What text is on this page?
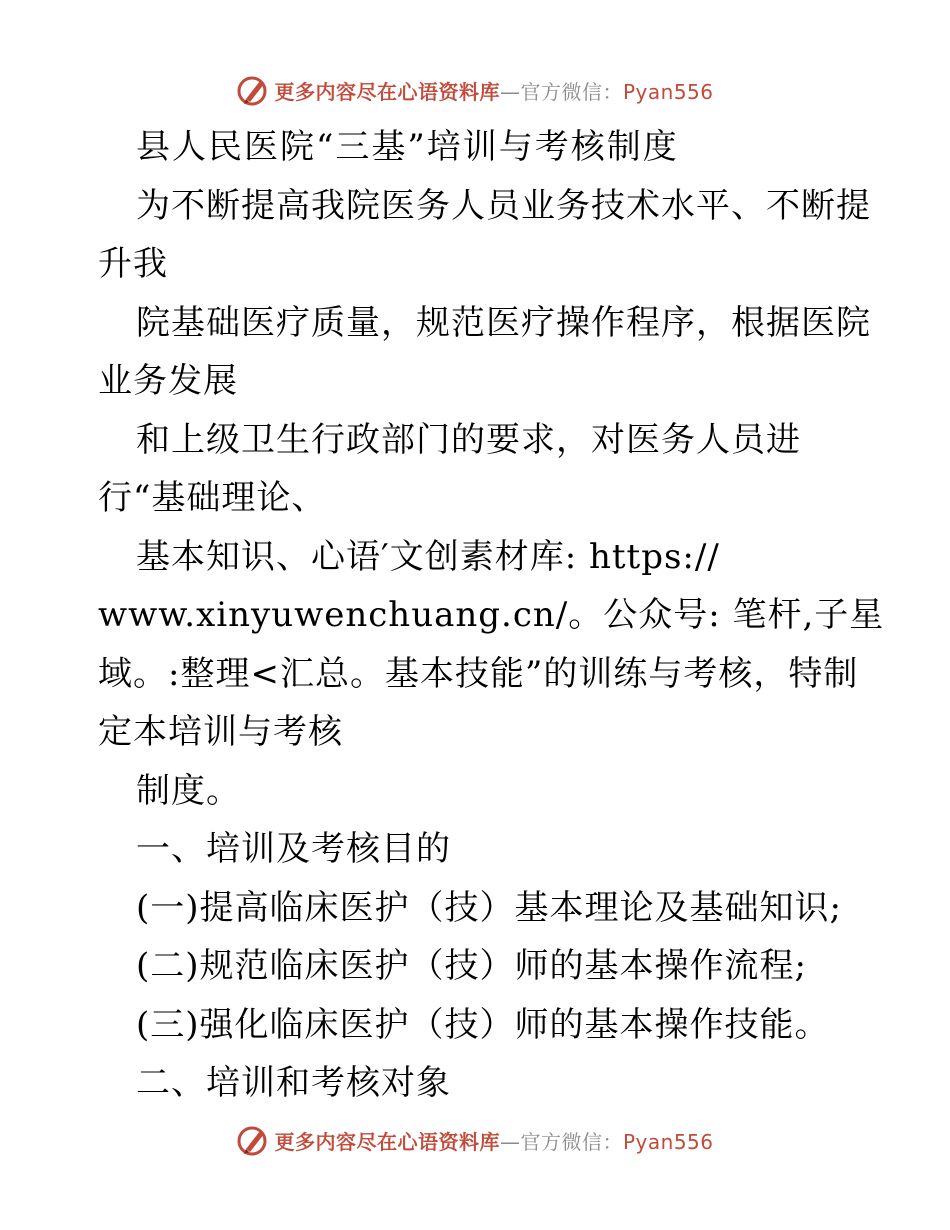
更多内容尽在心语资料库—官方微信：Pyan556
县人民医院“三基”培训与考核制度
为不断提高我院医务人员业务技术水平、不断提
升我
院基础医疗质量，规范医疗操作程序，根据医院
业务发展
和上级卫生行政部门的要求，对医务人员进
行“基础理论、
基本知识、心语′文创素材库: https://
www.xinyuwenchuang.cn/。公众号: 笔杆,子星
域。:整理<汇总。基本技能”的训练与考核，特制
定本培训与考核
制度。
一、培训及考核目的
(一)提高临床医护（技）基本理论及基础知识;
(二)规范临床医护（技）师的基本操作流程;
(三)强化临床医护（技）师的基本操作技能。
二、培训和考核对象
更多内容尽在心语资料库—官方微信：Pyan556
